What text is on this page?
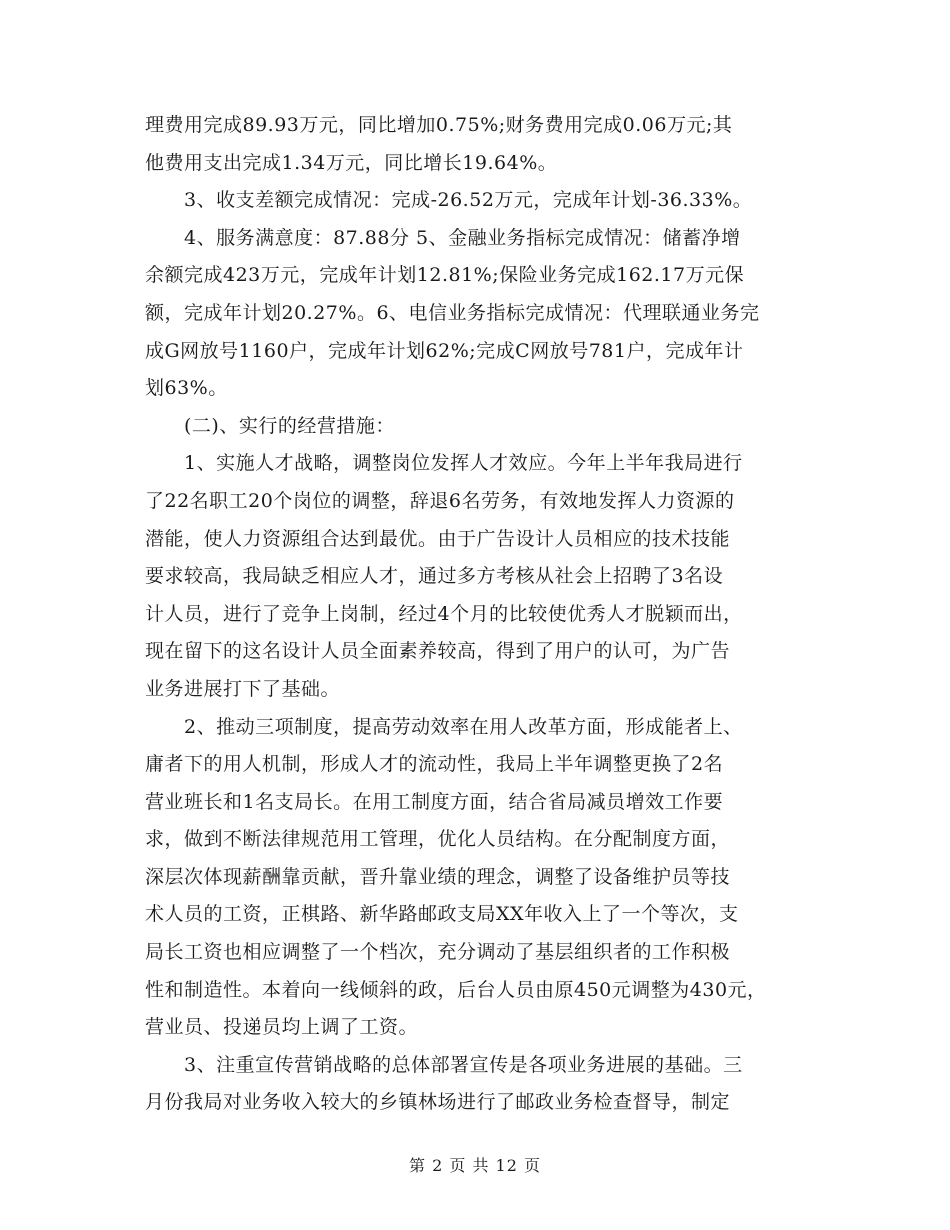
理费用完成89.93万元，同比增加0.75%;财务费用完成0.06万元;其
他费用支出完成1.34万元，同比增长19.64%。
　　3、收支差额完成情况：完成-26.52万元，完成年计划-36.33%。
　　4、服务满意度：87.88分 5、金融业务指标完成情况：储蓄净增
余额完成423万元，完成年计划12.81%;保险业务完成162.17万元保
额，完成年计划20.27%。6、电信业务指标完成情况：代理联通业务完
成G网放号1160户，完成年计划62%;完成C网放号781户，完成年计
划63%。
　　(二)、实行的经营措施：
　　1、实施人才战略，调整岗位发挥人才效应。今年上半年我局进行
了22名职工20个岗位的调整，辞退6名劳务，有效地发挥人力资源的
潜能，使人力资源组合达到最优。由于广告设计人员相应的技术技能
要求较高，我局缺乏相应人才，通过多方考核从社会上招聘了3名设
计人员，进行了竞争上岗制，经过4个月的比较使优秀人才脱颖而出，
现在留下的这名设计人员全面素养较高，得到了用户的认可，为广告
业务进展打下了基础。
　　2、推动三项制度，提高劳动效率在用人改革方面，形成能者上、
庸者下的用人机制，形成人才的流动性，我局上半年调整更换了2名
营业班长和1名支局长。在用工制度方面，结合省局减员增效工作要
求，做到不断法律规范用工管理，优化人员结构。在分配制度方面，
深层次体现薪酬靠贡献，晋升靠业绩的理念，调整了设备维护员等技
术人员的工资，正棋路、新华路邮政支局XX年收入上了一个等次，支
局长工资也相应调整了一个档次，充分调动了基层组织者的工作积极
性和制造性。本着向一线倾斜的政，后台人员由原450元调整为430元，
营业员、投递员均上调了工资。
　　3、注重宣传营销战略的总体部署宣传是各项业务进展的基础。三
月份我局对业务收入较大的乡镇林场进行了邮政业务检查督导，制定
第 2 页 共 12 页
